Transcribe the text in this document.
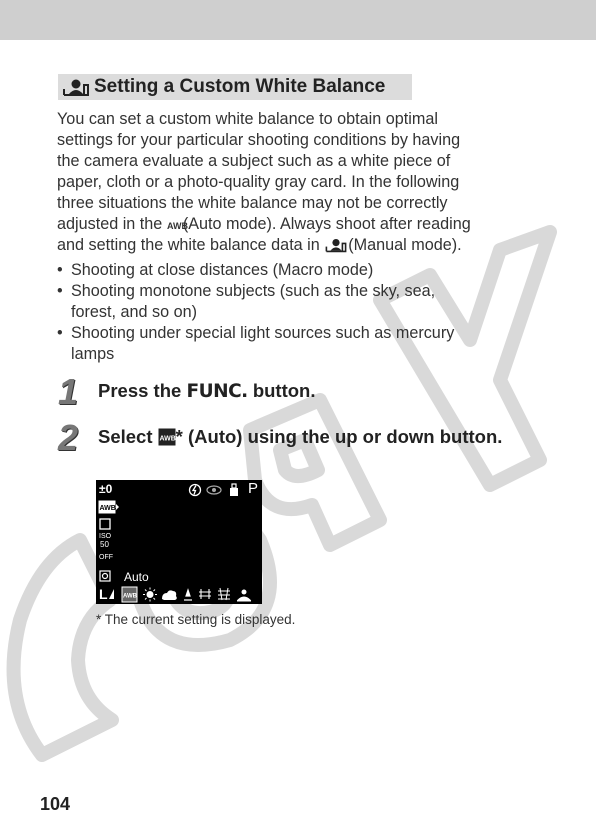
Setting a Custom White Balance

You can set a custom white balance to obtain optimal
settings for your particular shooting conditions by having
the camera evaluate a subject such as a white piece of
paper, cloth or a photo-quality gray card. In the following
three situations the white balance may not be correctly
adjusted in the AWB
(Auto mode). Always shoot after reading
and setting the white balance data in (Manual mode).

• Shooting at close distances (Macro mode)
• Shooting monotone subjects (such as the sky, sea,
forest, and so on)
• Shooting under special light sources such as mercury
lamps
1	Press the FUNC. button.
2	Select AWB * (Auto) using the up or down button.
±0	P
AWB
ISO
50
OFF
Auto
L	AWB

* The current setting is displayed.

104
